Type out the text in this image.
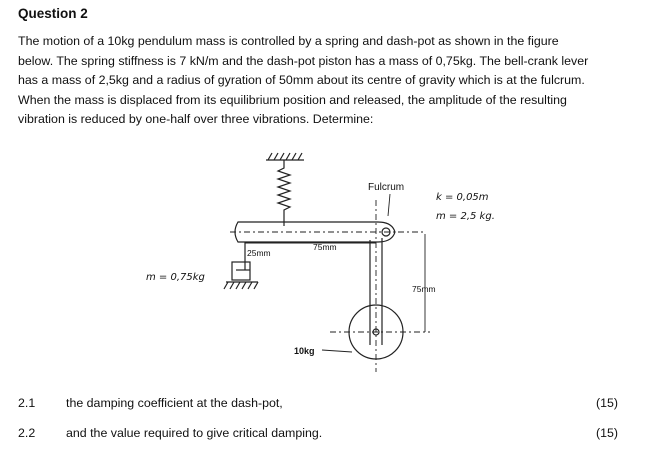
Question 2
The motion of a 10kg pendulum mass is controlled by a spring and dash-pot as shown in the figure
below. The spring stiffness is 7 kN/m and the dash-pot piston has a mass of 0,75kg. The bell-crank lever
has a mass of 2,5kg and a radius of gyration of 50mm about its centre of gravity which is at the fulcrum.
When the mass is displaced from its equilibrium position and released, the amplitude of the resulting
vibration is reduced by one-half over three vibrations. Determine:
Fulcrum
25mm
75mm
75mm
10kg
k = 0,05m
m = 2,5 kg.
m = 0,75kg
2.1 the damping coefficient at the dash-pot,	(15)
2.2 and the value required to give critical damping.	(15)
